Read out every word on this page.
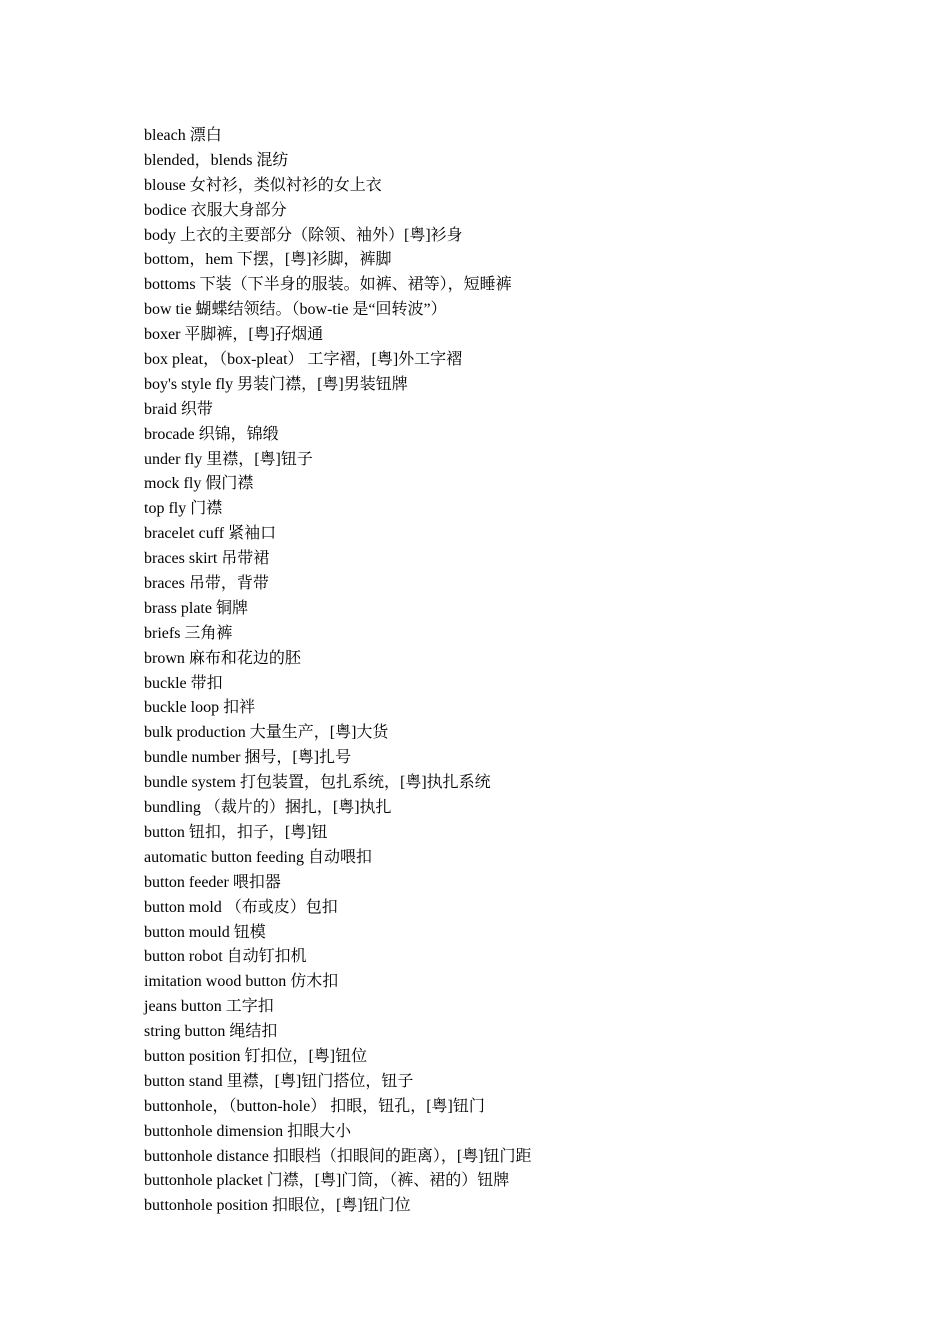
bleach 漂白
blended，blends 混纺
blouse 女衬衫，类似衬衫的女上衣
bodice 衣服大身部分
body 上衣的主要部分（除领、袖外）[粤]衫身
bottom，hem 下摆，[粤]衫脚，裤脚
bottoms 下装（下半身的服装。如裤、裙等），短睡裤
bow tie 蝴蝶结领结。（bow-tie 是“回转波”）
boxer 平脚裤，[粤]孖烟通
box pleat，（box-pleat） 工字褶，[粤]外工字褶
boy's style fly 男装门襟，[粤]男装钮牌
braid 织带
brocade 织锦，锦缎
under fly 里襟，[粤]钮子
mock fly 假门襟
top fly 门襟
bracelet cuff 紧袖口
braces skirt 吊带裙
braces 吊带，背带
brass plate 铜牌
briefs 三角裤
brown 麻布和花边的胚
buckle 带扣
buckle loop 扣袢
bulk production 大量生产，[粤]大货
bundle number 捆号，[粤]扎号
bundle system 打包装置，包扎系统，[粤]执扎系统
bundling （裁片的）捆扎，[粤]执扎
button 钮扣，扣子，[粤]钮
automatic button feeding 自动喂扣
button feeder 喂扣器
button mold （布或皮）包扣
button mould 钮模
button robot 自动钉扣机
imitation wood button 仿木扣
jeans button 工字扣
string button 绳结扣
button position 钉扣位，[粤]钮位
button stand 里襟，[粤]钮门搭位，钮子
buttonhole，（button-hole） 扣眼，钮孔，[粤]钮门
buttonhole dimension 扣眼大小
buttonhole distance 扣眼档（扣眼间的距离），[粤]钮门距
buttonhole placket 门襟，[粤]门筒，（裤、裙的）钮牌
buttonhole position 扣眼位，[粤]钮门位
